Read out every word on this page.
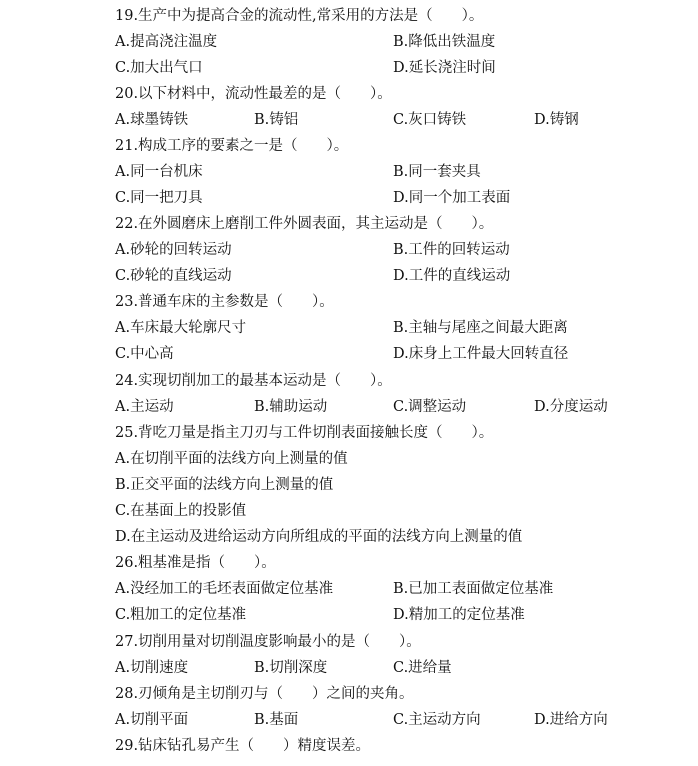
19.生产中为提高合金的流动性,常采用的方法是（　　）。
A.提高浇注温度	B.降低出铁温度
C.加大出气口	D.延长浇注时间
20.以下材料中，流动性最差的是（　　）。
A.球墨铸铁	B.铸铝	C.灰口铸铁	D.铸钢
21.构成工序的要素之一是（　　）。
A.同一台机床	B.同一套夹具
C.同一把刀具	D.同一个加工表面
22.在外圆磨床上磨削工件外圆表面，其主运动是（　　）。
A.砂轮的回转运动	B.工件的回转运动
C.砂轮的直线运动	D.工件的直线运动
23.普通车床的主参数是（　　）。
A.车床最大轮廓尺寸	B.主轴与尾座之间最大距离
C.中心高	D.床身上工件最大回转直径
24.实现切削加工的最基本运动是（　　）。
A.主运动	B.辅助运动	C.调整运动	D.分度运动
25.背吃刀量是指主刀刃与工件切削表面接触长度（　　）。
A.在切削平面的法线方向上测量的值
B.正交平面的法线方向上测量的值
C.在基面上的投影值
D.在主运动及进给运动方向所组成的平面的法线方向上测量的值
26.粗基准是指（　　）。
A.没经加工的毛坯表面做定位基准	B.已加工表面做定位基准
C.粗加工的定位基准	D.精加工的定位基准
27.切削用量对切削温度影响最小的是（　　）。
A.切削速度	B.切削深度	C.进给量
28.刃倾角是主切削刃与（　　）之间的夹角。
A.切削平面	B.基面	C.主运动方向	D.进给方向
29.钻床钻孔易产生（　　）精度误差。
